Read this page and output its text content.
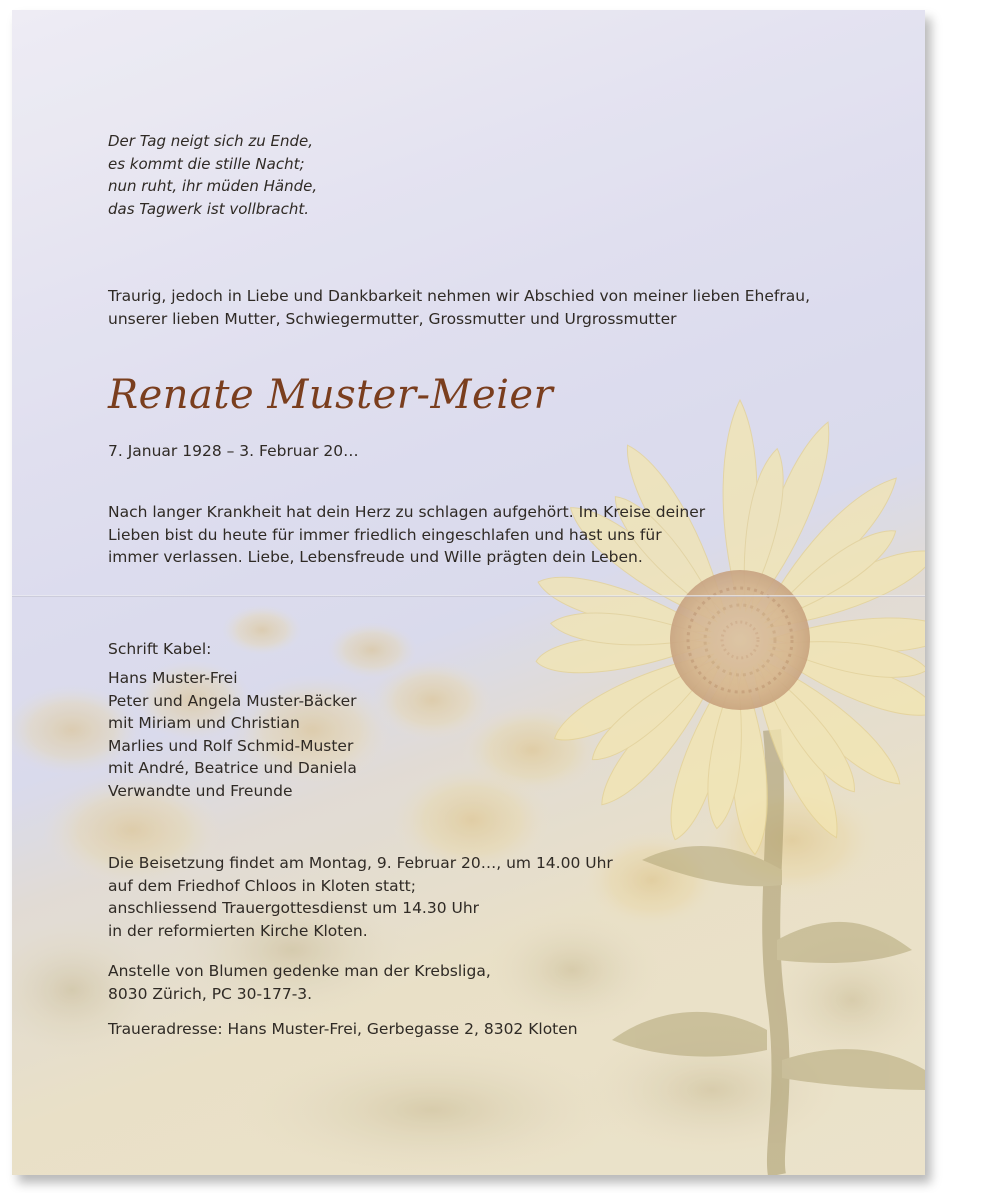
Der Tag neigt sich zu Ende,
es kommt die stille Nacht;
nun ruht, ihr müden Hände,
das Tagwerk ist vollbracht.
Traurig, jedoch in Liebe und Dankbarkeit nehmen wir Abschied von meiner lieben Ehefrau,
unserer lieben Mutter, Schwiegermutter, Grossmutter und Urgrossmutter
Renate Muster-Meier
7. Januar 1928 – 3. Februar 20…
Nach langer Krankheit hat dein Herz zu schlagen aufgehört. Im Kreise deiner
Lieben bist du heute für immer friedlich eingeschlafen und hast uns für
immer verlassen. Liebe, Lebensfreude und Wille prägten dein Leben.
Schrift Kabel:
Hans Muster-Frei
Peter und Angela Muster-Bäcker
mit Miriam und Christian
Marlies und Rolf Schmid-Muster
mit André, Beatrice und Daniela
Verwandte und Freunde
Die Beisetzung findet am Montag, 9. Februar 20…, um 14.00 Uhr
auf dem Friedhof Chloos in Kloten statt;
anschliessend Trauergottesdienst um 14.30 Uhr
in der reformierten Kirche Kloten.
Anstelle von Blumen gedenke man der Krebsliga,
8030 Zürich, PC 30-177-3.
Traueradresse: Hans Muster-Frei, Gerbegasse 2, 8302 Kloten
